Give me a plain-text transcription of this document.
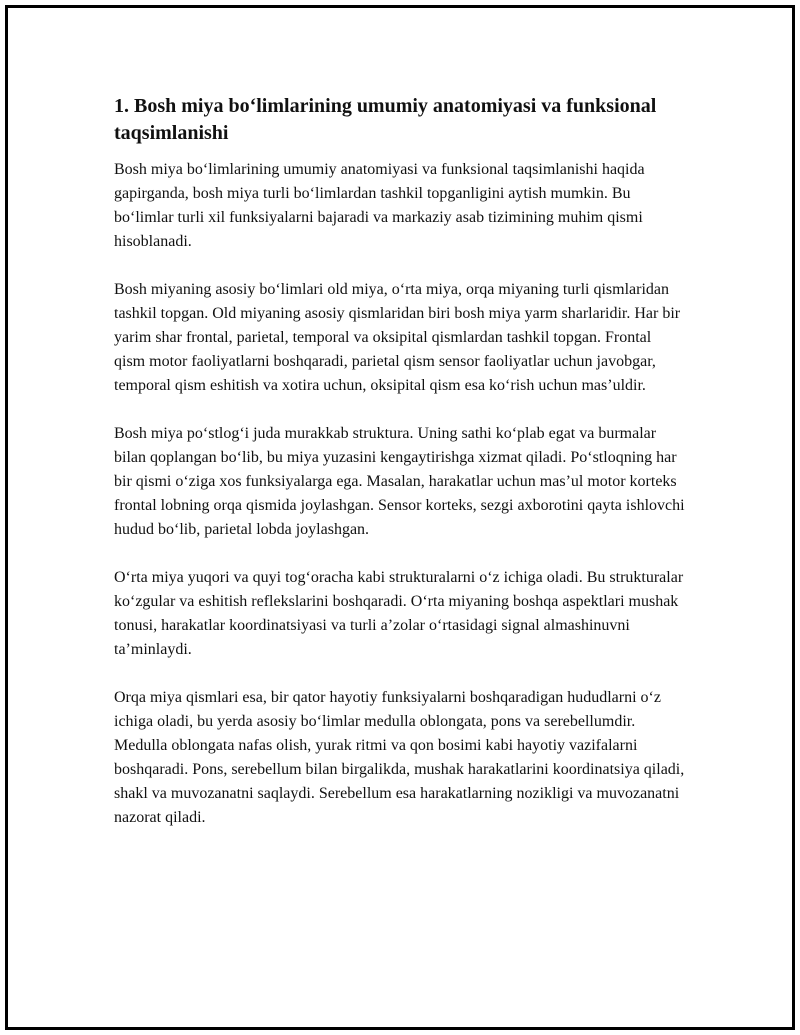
1. Bosh miya bo‘limlarining umumiy anatomiyasi va funksional taqsimlanishi

Bosh miya bo‘limlarining umumiy anatomiyasi va funksional taqsimlanishi haqida gapirganda, bosh miya turli bo‘limlardan tashkil topganligini aytish mumkin. Bu bo‘limlar turli xil funksiyalarni bajaradi va markaziy asab tizimining muhim qismi hisoblanadi.

Bosh miyaning asosiy bo‘limlari old miya, o‘rta miya, orqa miyaning turli qismlaridan tashkil topgan. Old miyaning asosiy qismlaridan biri bosh miya yarm sharlaridir. Har bir yarim shar frontal, parietal, temporal va oksipital qismlardan tashkil topgan. Frontal qism motor faoliyatlarni boshqaradi, parietal qism sensor faoliyatlar uchun javobgar, temporal qism eshitish va xotira uchun, oksipital qism esa ko‘rish uchun mas’uldir.

Bosh miya po‘stlog‘i juda murakkab struktura. Uning sathi ko‘plab egat va burmalar bilan qoplangan bo‘lib, bu miya yuzasini kengaytirishga xizmat qiladi. Po‘stloqning har bir qismi o‘ziga xos funksiyalarga ega. Masalan, harakatlar uchun mas’ul motor korteks frontal lobning orqa qismida joylashgan. Sensor korteks, sezgi axborotini qayta ishlovchi hudud bo‘lib, parietal lobda joylashgan.

O‘rta miya yuqori va quyi tog‘oracha kabi strukturalarni o‘z ichiga oladi. Bu strukturalar ko‘zgular va eshitish reflekslarini boshqaradi. O‘rta miyaning boshqa aspektlari mushak tonusi, harakatlar koordinatsiyasi va turli a’zolar o‘rtasidagi signal almashinuvni ta’minlaydi.

Orqa miya qismlari esa, bir qator hayotiy funksiyalarni boshqaradigan hududlarni o‘z ichiga oladi, bu yerda asosiy bo‘limlar medulla oblongata, pons va serebellumdir. Medulla oblongata nafas olish, yurak ritmi va qon bosimi kabi hayotiy vazifalarni boshqaradi. Pons, serebellum bilan birgalikda, mushak harakatlarini koordinatsiya qiladi, shakl va muvozanatni saqlaydi. Serebellum esa harakatlarning nozikligi va muvozanatni nazorat qiladi.
